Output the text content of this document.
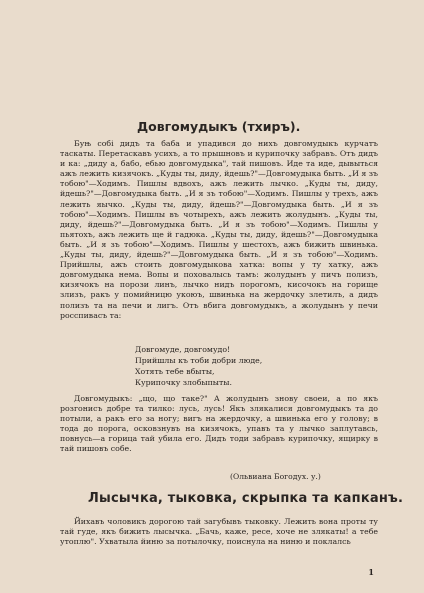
Довгомудыкъ (тхиръ).

Буњ собi дидъ та баба и упадився до нихъ довгомудыкъ курчатъ таскаты. Перетаскавъ усихъ, а то прышновъ и курипочку забравъ. Отъ дидъ и ка: „диду а, бабо, ебью довгомудыка", тай пишовъ. Иде та иде, дывыться ажъ лежить кизячокъ. „Куды ты, диду, йдешь?"—Довгомудыка быть. „И я зъ тобою"—Ходимъ. Пишлы вдвохъ, ажъ лежить лычко. „Куды ты, диду, йдешь?"—Довгомудыка быть. „И я зъ тобою"—Ходимъ. Пишлы у трехъ, ажъ лежить яычко. „Куды ты, диду, йдешь?"—Довгомудыка быть. „И я зъ тобою"—Ходимъ. Пишлы въ чотырехъ, ажъ лежить жолудынъ. „Куды ты, диду, йдешь?"—Довгомудыка быть. „И я зъ тобою"—Ходимъ. Пишлы у пьятохъ, ажъ лежить ще й гадюка. „Куды ты, диду, йдешь?"—Довгомудыка быть. „И я зъ тобою"—Ходимъ. Пишлы у шестохъ, ажъ бижить швинька. „Куды ты, диду, йдешь?"—Довгомудыка быть. „И я зъ тобою"—Ходимъ. Прийшлы, ажъ стоить довгомудыкова хатка: вопы у ту хатку, ажъ довгомудыка нема. Вопы и поховалысь тамъ: жолудынъ у пичъ полизъ, кизячокъ на порози линъ, лычко нидъ порогомъ, кисочокъ на горище злизъ, ракъ у помийницю укоюъ, швинька на жердочку злетилъ, а дидъ полизъ та на печи и лигъ. Отъ вбига довгомудыкъ, а жолудынъ у печи росспивасъ та:

Довгомуде, довгомудо!
Прийшлы къ тоби добри люде,
Хотять тебе вбыты,
Курипочку злобыпыты.

Довгомудыкъ: „що, що таке?" А жолудынъ знову своеи, а по якъ розгонисъ добре та тилко: лусь, лусь! Якъ злякалися довгомудыкъ та до потыли, а ракъ его за ногу; вигъ на жердочку, а швинька его у голову; в тода до порога, осковзнувъ на кизячокъ, упавъ та у лычко заплутавсь, повнусь—а горица тай убила его. Дидъ тоди забравъ курипочку, ящирку в тай пишовъ собе.

(Ольвиана Богодух. у.)
Лысычка, тыковка, скрыпка та капканъ.

Йихавъ чоловикъ дорогою тай загубывъ тыковку. Лежить вона проты ту тай гуде, якъ бижить лысычка. „Бачь, каже, ресе, хоче не злякаты! а тебе утоплю". Ухватыла йиню за потылочку, поиснула на ниню и поклалсь

1
